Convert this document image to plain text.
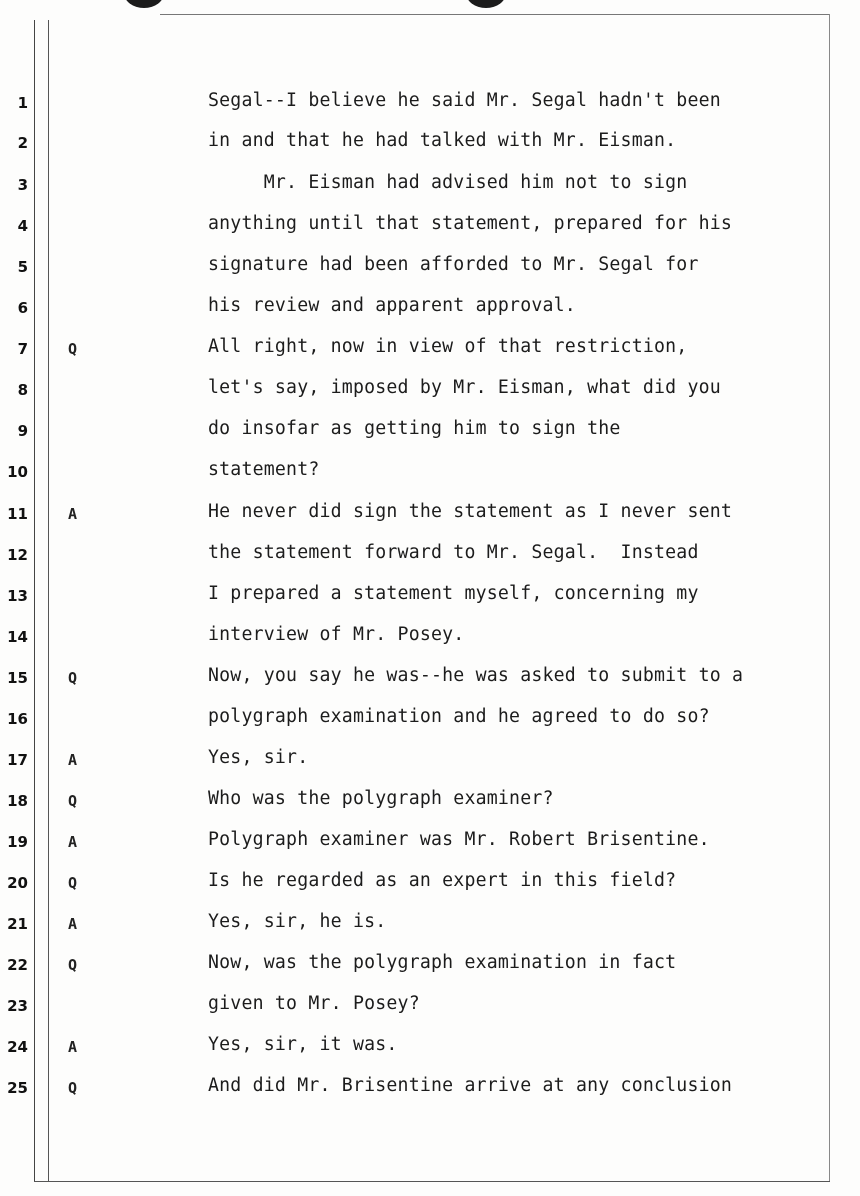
1	Segal--I believe he said Mr. Segal hadn't been
2	in and that he had talked with Mr. Eisman.
3	Mr. Eisman had advised him not to sign
4	anything until that statement, prepared for his
5	signature had been afforded to Mr. Segal for
6	his review and apparent approval.
7	Q	All right, now in view of that restriction,
8	let's say, imposed by Mr. Eisman, what did you
9	do insofar as getting him to sign the
10	statement?
11	A	He never did sign the statement as I never sent
12	the statement forward to Mr. Segal.  Instead
13	I prepared a statement myself, concerning my
14	interview of Mr. Posey.
15	Q	Now, you say he was--he was asked to submit to a
16	polygraph examination and he agreed to do so?
17	A	Yes, sir.
18	Q	Who was the polygraph examiner?
19	A	Polygraph examiner was Mr. Robert Brisentine.
20	Q	Is he regarded as an expert in this field?
21	A	Yes, sir, he is.
22	Q	Now, was the polygraph examination in fact
23	given to Mr. Posey?
24	A	Yes, sir, it was.
25	Q	And did Mr. Brisentine arrive at any conclusion
